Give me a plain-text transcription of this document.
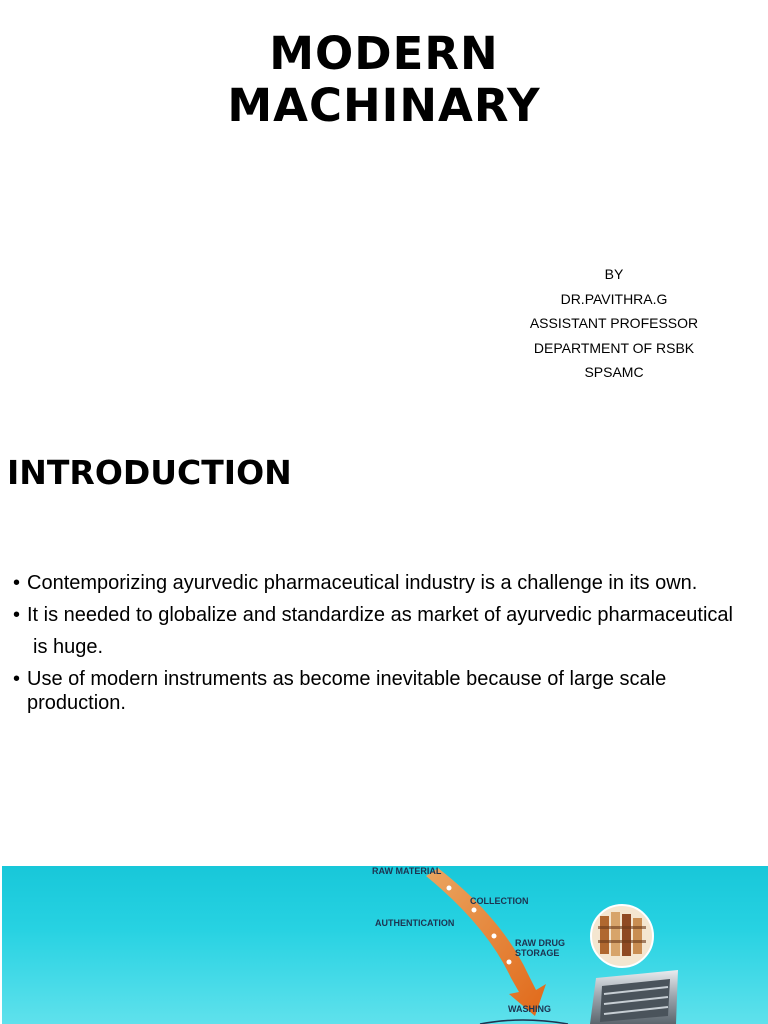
MODERN
MACHINARY
BY
DR.PAVITHRA.G
ASSISTANT PROFESSOR
DEPARTMENT OF RSBK
SPSAMC
INTRODUCTION
• Contemporizing ayurvedic pharmaceutical industry is a challenge in its own.
• It is needed to globalize and standardize as market of ayurvedic pharmaceutical
is huge.
• Use of modern instruments as become inevitable because of large scale production.
RAW MATERIAL
COLLECTION
AUTHENTICATION
RAW DRUG
STORAGE
WASHING
